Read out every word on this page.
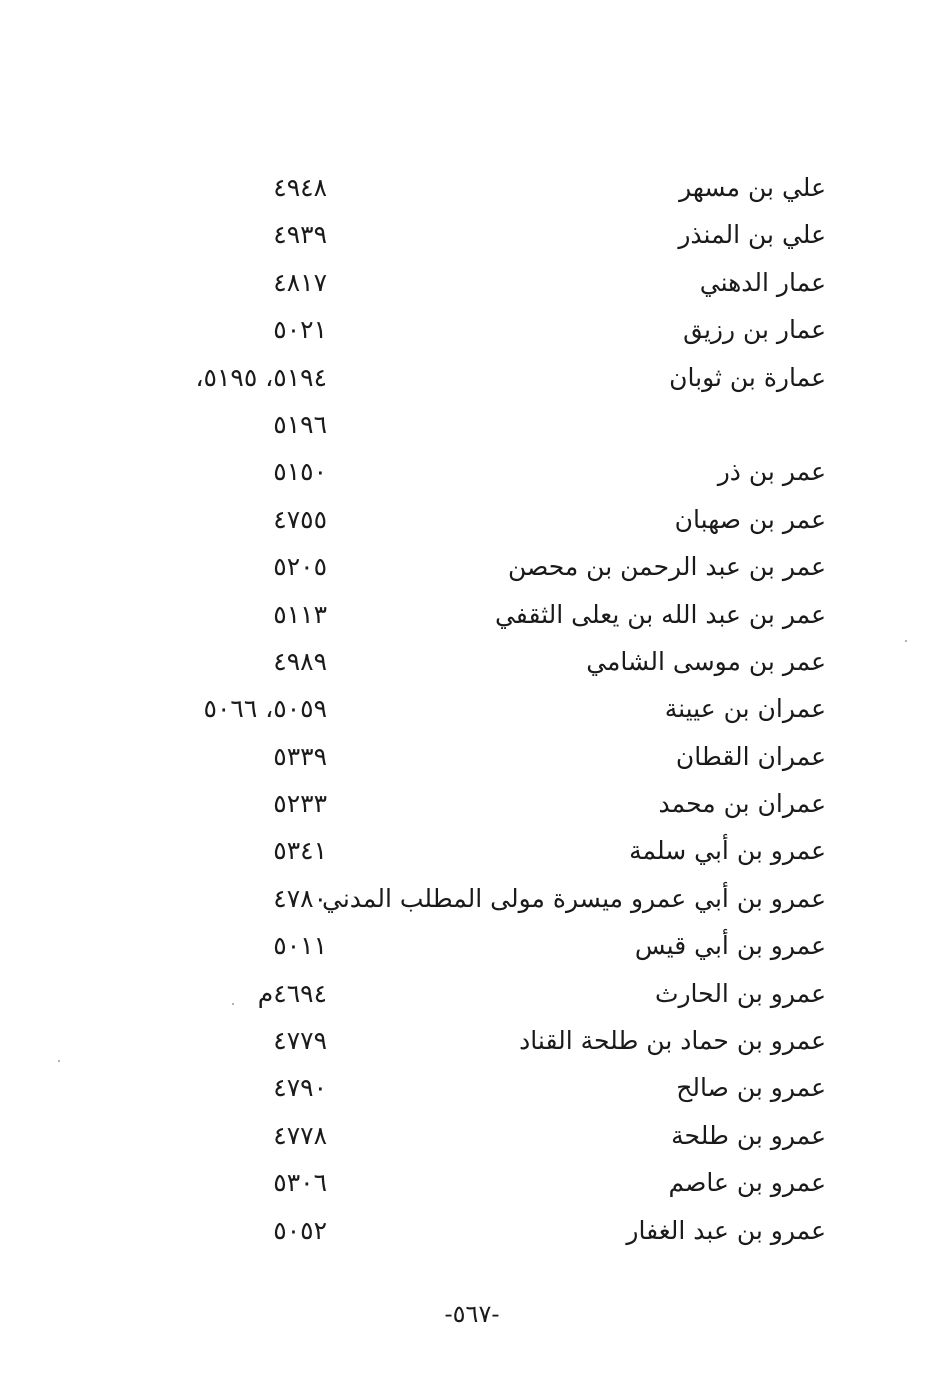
علي بن مسهر
٤٩٤٨
علي بن المنذر
٤٩٣٩
عمار الدهني
٤٨١٧
عمار بن رزيق
٥٠٢١
عمارة بن ثوبان
٥١٩٤، ٥١٩٥،
٥١٩٦
عمر بن ذر
٥١٥٠
عمر بن صهبان
٤٧٥٥
عمر بن عبد الرحمن بن محصن
٥٢٠٥
عمر بن عبد الله بن يعلى الثقفي
٥١١٣
عمر بن موسى الشامي
٤٩٨٩
عمران بن عيينة
٥٠٥٩، ٥٠٦٦
عمران القطان
٥٣٣٩
عمران بن محمد
٥٢٣٣
عمرو بن أبي سلمة
٥٣٤١
عمرو بن أبي عمرو ميسرة مولى المطلب المدني
٤٧٨٠
عمرو بن أبي قيس
٥٠١١
عمرو بن الحارث
٤٦٩٤م
عمرو بن حماد بن طلحة القناد
٤٧٧٩
عمرو بن صالح
٤٧٩٠
عمرو بن طلحة
٤٧٧٨
عمرو بن عاصم
٥٣٠٦
عمرو بن عبد الغفار
٥٠٥٢
-٥٦٧-
